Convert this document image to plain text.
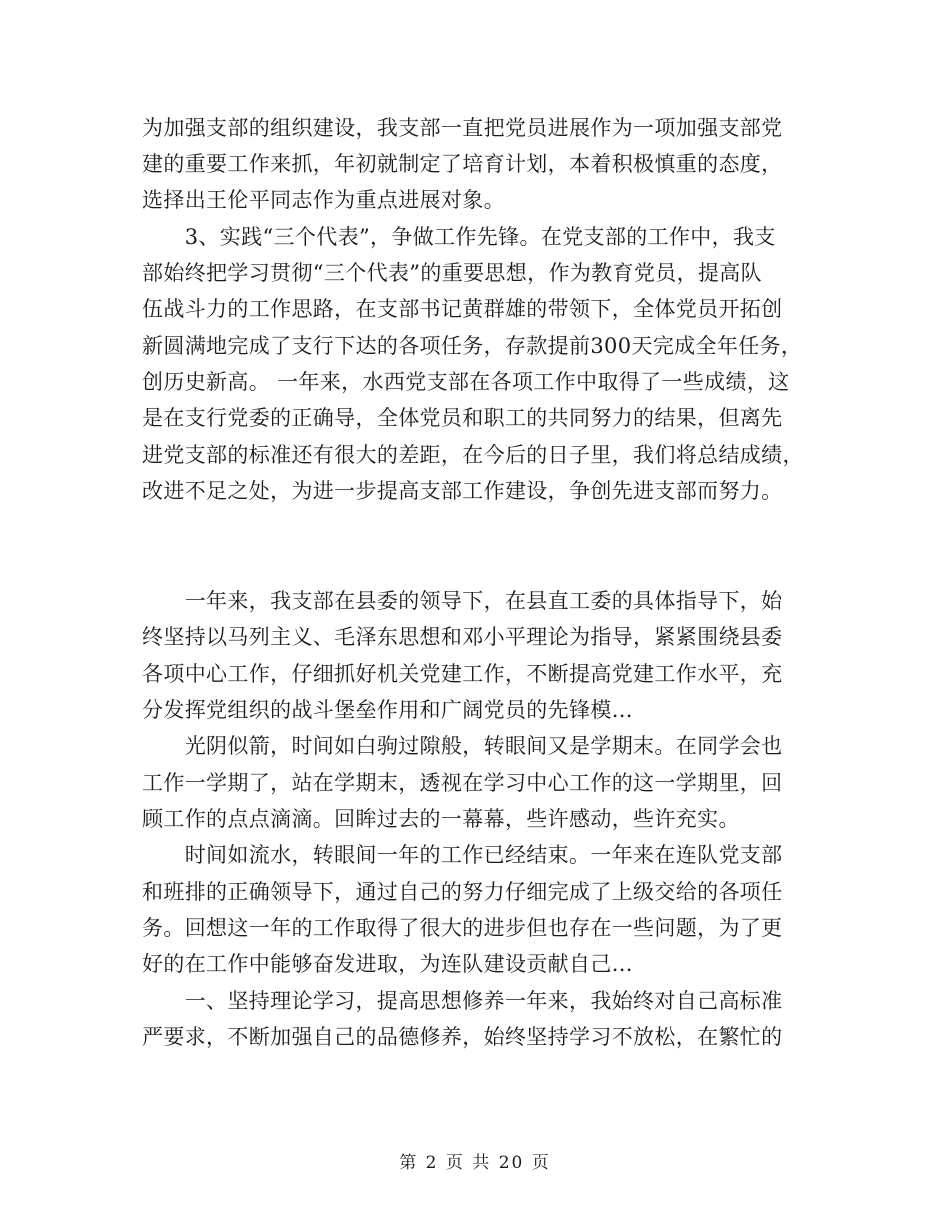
为加强支部的组织建设，我支部一直把党员进展作为一项加强支部党
建的重要工作来抓，年初就制定了培育计划，本着积极慎重的态度，
选择出王伦平同志作为重点进展对象。
　　3、实践“三个代表”，争做工作先锋。在党支部的工作中，我支
部始终把学习贯彻“三个代表”的重要思想，作为教育党员，提高队
伍战斗力的工作思路，在支部书记黄群雄的带领下，全体党员开拓创
新圆满地完成了支行下达的各项任务，存款提前300天完成全年任务，
创历史新高。 一年来，水西党支部在各项工作中取得了一些成绩，这
是在支行党委的正确导，全体党员和职工的共同努力的结果，但离先
进党支部的标准还有很大的差距，在今后的日子里，我们将总结成绩，
改进不足之处，为进一步提高支部工作建设，争创先进支部而努力。
　　一年来，我支部在县委的领导下，在县直工委的具体指导下，始
终坚持以马列主义、毛泽东思想和邓小平理论为指导，紧紧围绕县委
各项中心工作，仔细抓好机关党建工作，不断提高党建工作水平，充
分发挥党组织的战斗堡垒作用和广阔党员的先锋模...
　　光阴似箭，时间如白驹过隙般，转眼间又是学期末。在同学会也
工作一学期了，站在学期末，透视在学习中心工作的这一学期里，回
顾工作的点点滴滴。回眸过去的一幕幕，些许感动，些许充实。
　　时间如流水，转眼间一年的工作已经结束。一年来在连队党支部
和班排的正确领导下，通过自己的努力仔细完成了上级交给的各项任
务。回想这一年的工作取得了很大的进步但也存在一些问题，为了更
好的在工作中能够奋发进取，为连队建设贡献自己...
　　一、坚持理论学习，提高思想修养一年来，我始终对自己高标准
严要求，不断加强自己的品德修养，始终坚持学习不放松，在繁忙的
第 2 页 共 20 页
